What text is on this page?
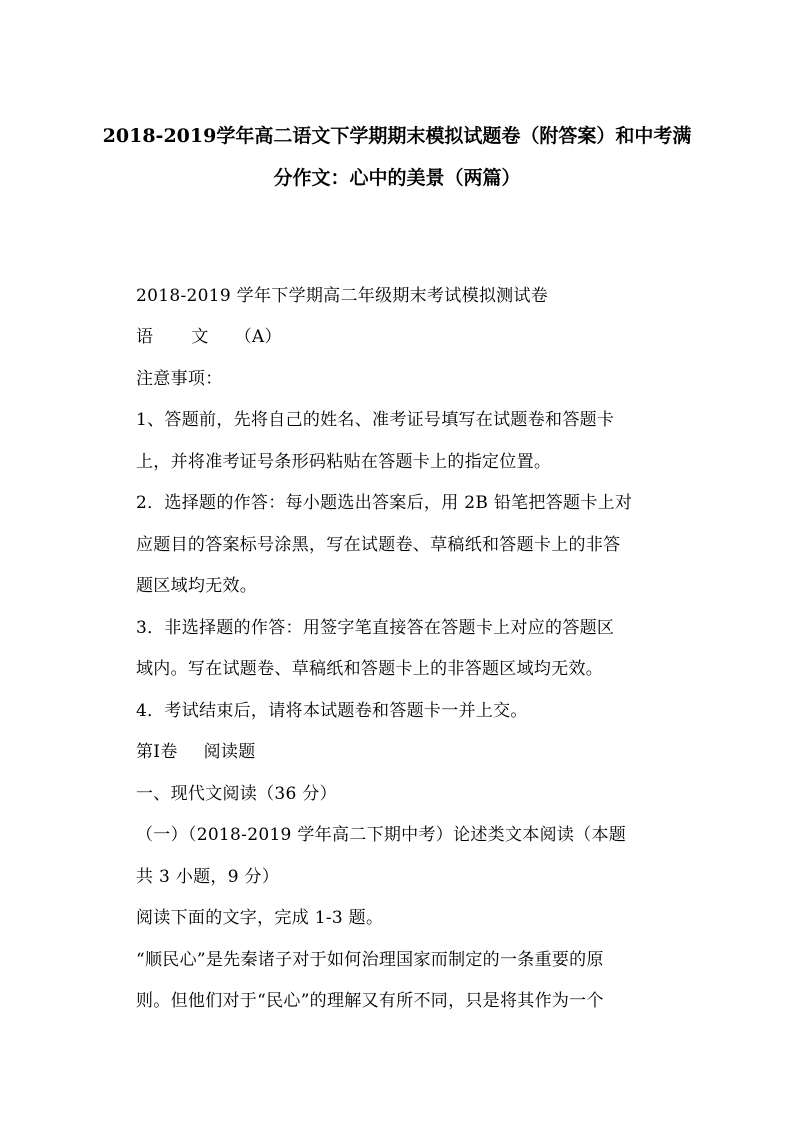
2018-2019学年高二语文下学期期末模拟试题卷（附答案）和中考满
分作文：心中的美景（两篇）
2018-2019 学年下学期高二年级期末考试模拟测试卷
语 文 （A）
注意事项：
1、答题前，先将自己的姓名、准考证号填写在试题卷和答题卡
上，并将准考证号条形码粘贴在答题卡上的指定位置。
2．选择题的作答：每小题选出答案后，用 2B 铅笔把答题卡上对
应题目的答案标号涂黑，写在试题卷、草稿纸和答题卡上的非答
题区域均无效。
3．非选择题的作答：用签字笔直接答在答题卡上对应的答题区
域内。写在试题卷、草稿纸和答题卡上的非答题区域均无效。
4．考试结束后，请将本试题卷和答题卡一并上交。
第Ⅰ卷 阅读题
一、现代文阅读（36 分）
（一）（2018-2019 学年高二下期中考）论述类文本阅读（本题
共 3 小题，9 分）
阅读下面的文字，完成 1-3 题。
“顺民心”是先秦诸子对于如何治理国家而制定的一条重要的原
则。但他们对于“民心”的理解又有所不同，只是将其作为一个
